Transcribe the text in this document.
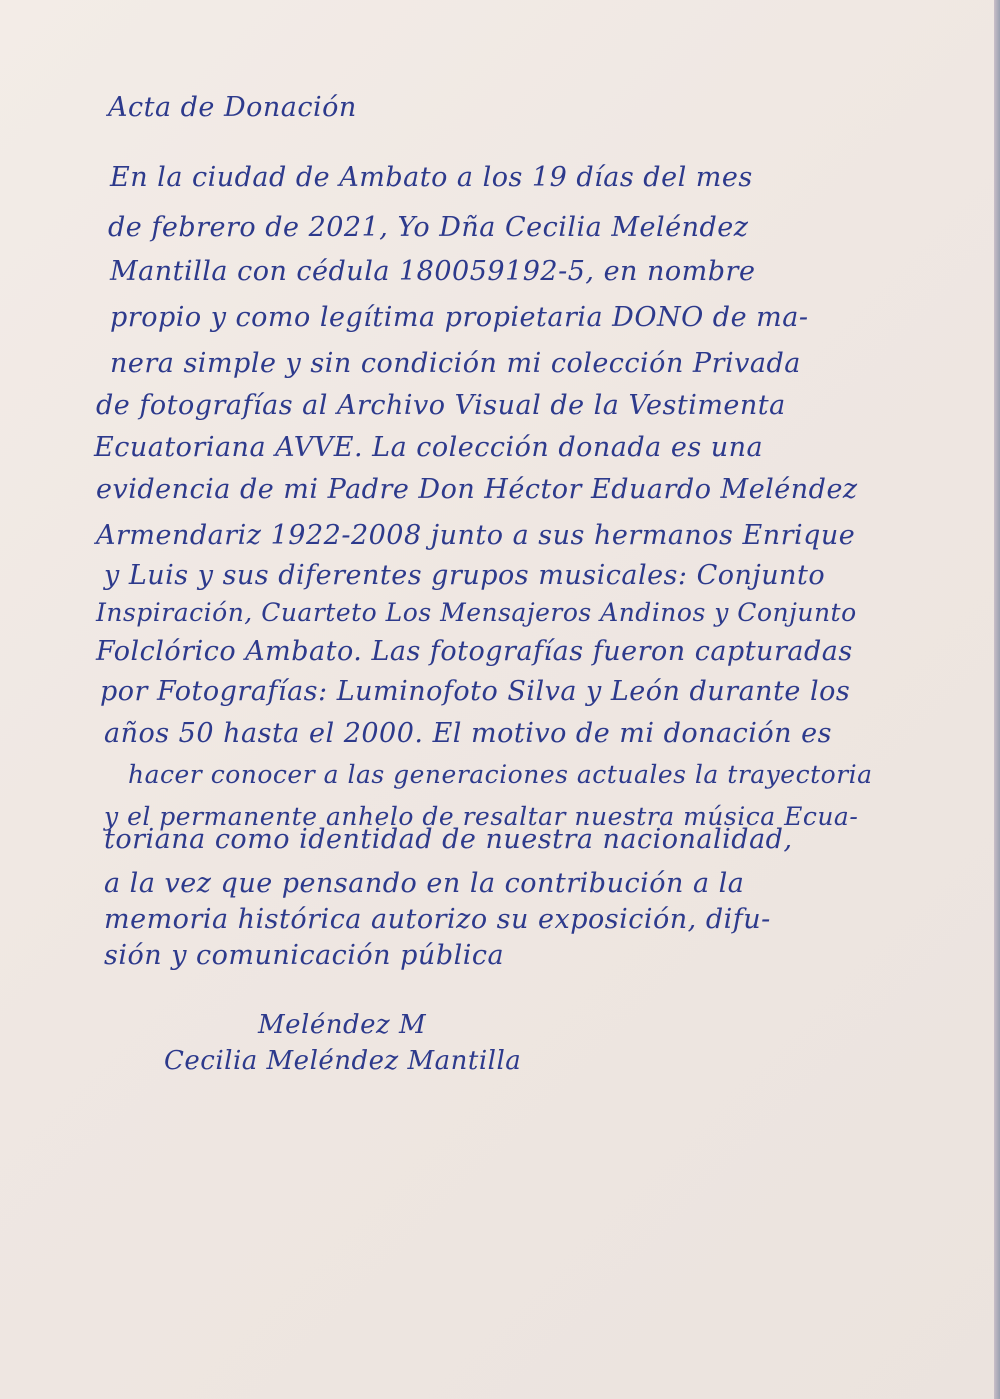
Acta de Donación
En la ciudad de Ambato a los 19 días del mes
de febrero de 2021, Yo Dña Cecilia Meléndez
Mantilla con cédula 180059192-5, en nombre
propio y como legítima propietaria DONO de ma-
nera simple y sin condición mi colección Privada
de fotografías al Archivo Visual de la Vestimenta
Ecuatoriana AVVE. La colección donada es una
evidencia de mi Padre Don Héctor Eduardo Meléndez
Armendariz 1922-2008 junto a sus hermanos Enrique
y Luis y sus diferentes grupos musicales: Conjunto
Inspiración, Cuarteto Los Mensajeros Andinos y Conjunto
Folclórico Ambato. Las fotografías fueron capturadas
por Fotografías: Luminofoto Silva y León durante los
años 50 hasta el 2000. El motivo de mi donación es
hacer conocer a las generaciones actuales la trayectoria
y el permanente anhelo de resaltar nuestra música Ecua-
toriana como identidad de nuestra nacionalidad,
a la vez que pensando en la contribución a la
memoria histórica autorizo su exposición, difu-
sión y comunicación pública
Meléndez M
Cecilia Meléndez Mantilla
